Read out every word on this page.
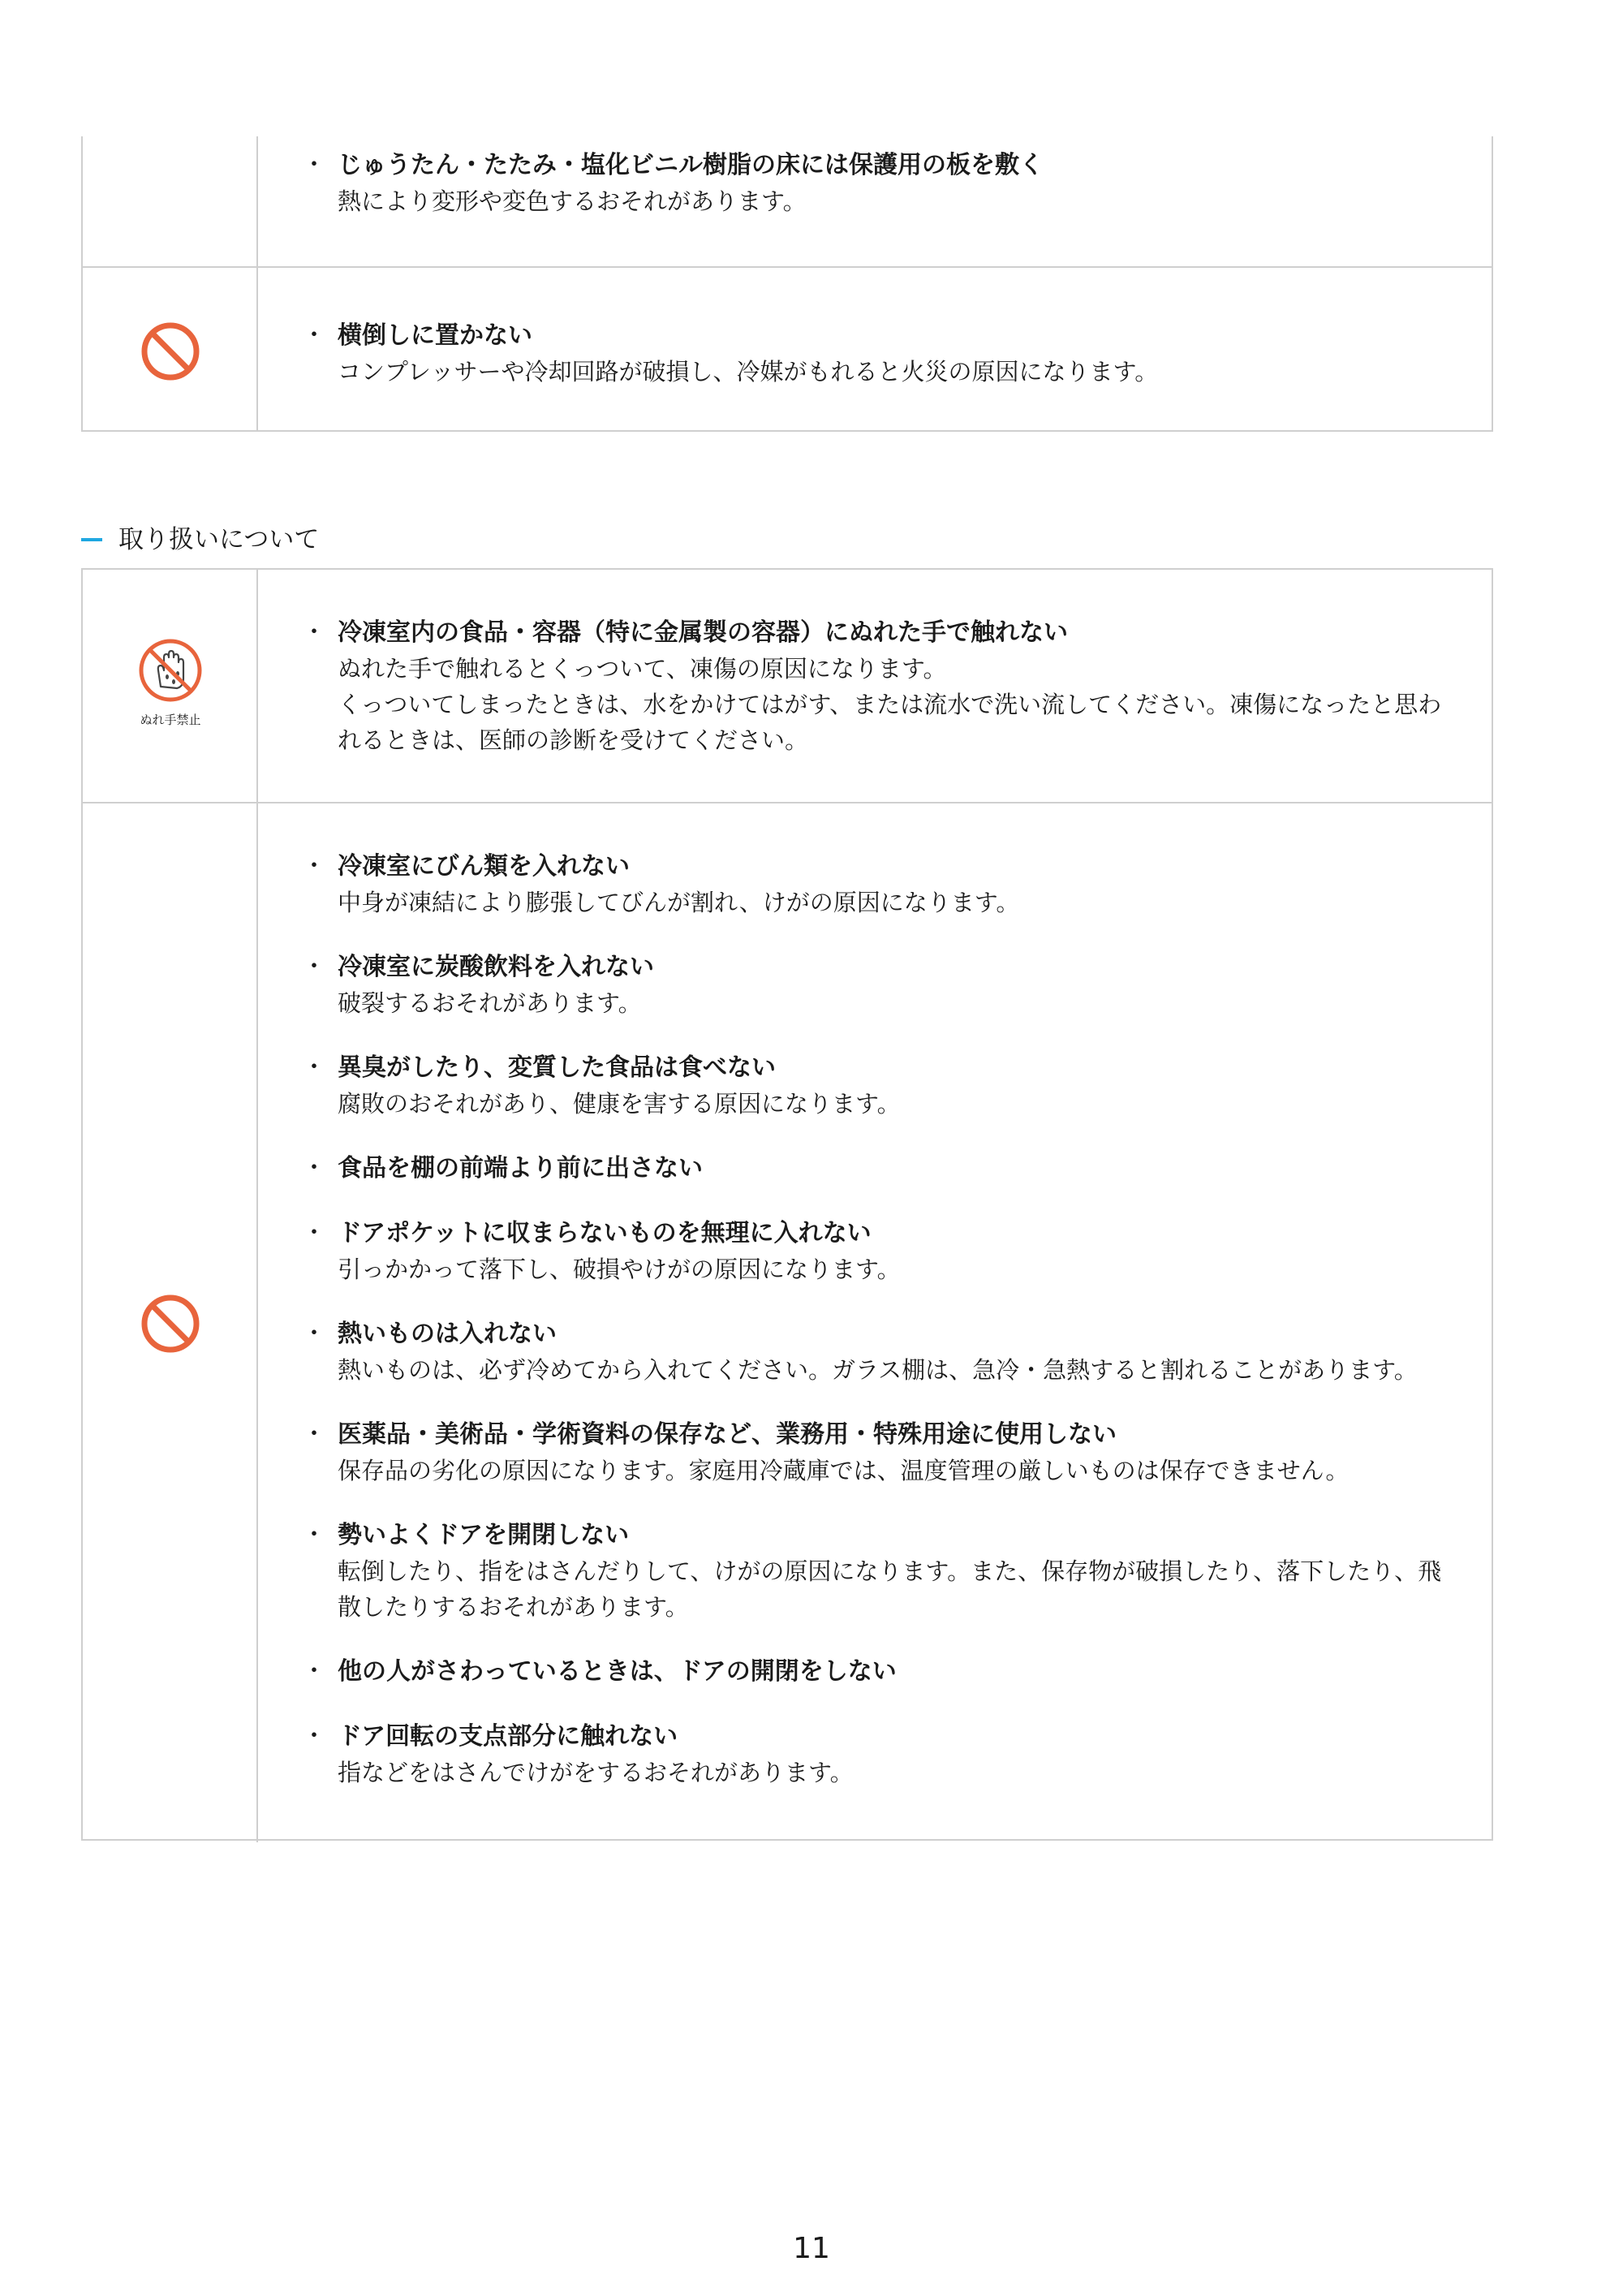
・ じゅうたん・たたみ・塩化ビニル樹脂の床には保護用の板を敷く
熱により変形や変色するおそれがあります。
・ 横倒しに置かない
コンプレッサーや冷却回路が破損し、冷媒がもれると火災の原因になります。
取り扱いについて
ぬれ手禁止
・ 冷凍室内の食品・容器（特に金属製の容器）にぬれた手で触れない
ぬれた手で触れるとくっついて、凍傷の原因になります。
くっついてしまったときは、水をかけてはがす、または流水で洗い流してください。凍傷になったと思われるときは、医師の診断を受けてください。
・ 冷凍室にびん類を入れない
中身が凍結により膨張してびんが割れ、けがの原因になります。
・ 冷凍室に炭酸飲料を入れない
破裂するおそれがあります。
・ 異臭がしたり、変質した食品は食べない
腐敗のおそれがあり、健康を害する原因になります。
・ 食品を棚の前端より前に出さない
・ ドアポケットに収まらないものを無理に入れない
引っかかって落下し、破損やけがの原因になります。
・ 熱いものは入れない
熱いものは、必ず冷めてから入れてください。ガラス棚は、急冷・急熱すると割れることがあります。
・ 医薬品・美術品・学術資料の保存など、業務用・特殊用途に使用しない
保存品の劣化の原因になります。家庭用冷蔵庫では、温度管理の厳しいものは保存できません。
・ 勢いよくドアを開閉しない
転倒したり、指をはさんだりして、けがの原因になります。また、保存物が破損したり、落下したり、飛散したりするおそれがあります。
・ 他の人がさわっているときは、ドアの開閉をしない
・ ドア回転の支点部分に触れない
指などをはさんでけがをするおそれがあります。
11
